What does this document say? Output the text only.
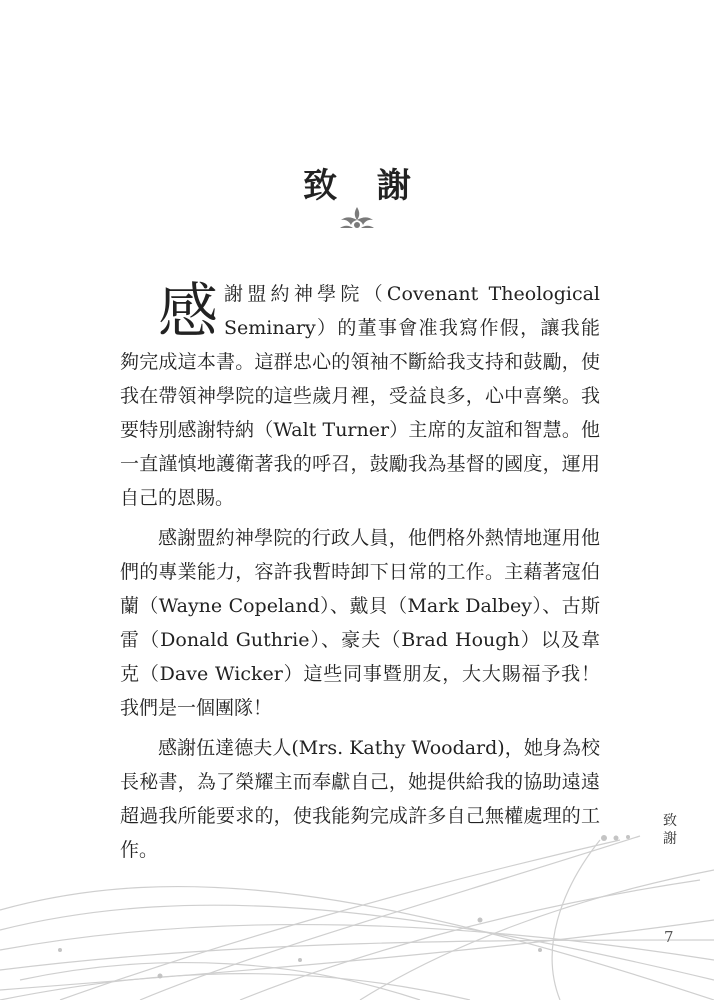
致 謝

感謝盟約神學院（Covenant Theological Seminary）的董事會准我寫作假，讓我能夠完成這本書。這群忠心的領袖不斷給我支持和鼓勵，使我在帶領神學院的這些歲月裡，受益良多，心中喜樂。我要特別感謝特納（Walt Turner）主席的友誼和智慧。他一直謹慎地護衛著我的呼召，鼓勵我為基督的國度，運用自己的恩賜。

感謝盟約神學院的行政人員，他們格外熱情地運用他們的專業能力，容許我暫時卸下日常的工作。主藉著寇伯蘭（Wayne Copeland）、戴貝（Mark Dalbey）、古斯雷（Donald Guthrie）、豪夫（Brad Hough）以及韋克（Dave Wicker）這些同事暨朋友，大大賜福予我！我們是一個團隊！

感謝伍達德夫人(Mrs. Kathy Woodard)，她身為校長秘書，為了榮耀主而奉獻自己，她提供給我的協助遠遠超過我所能要求的，使我能夠完成許多自己無權處理的工作。

致
謝
7
